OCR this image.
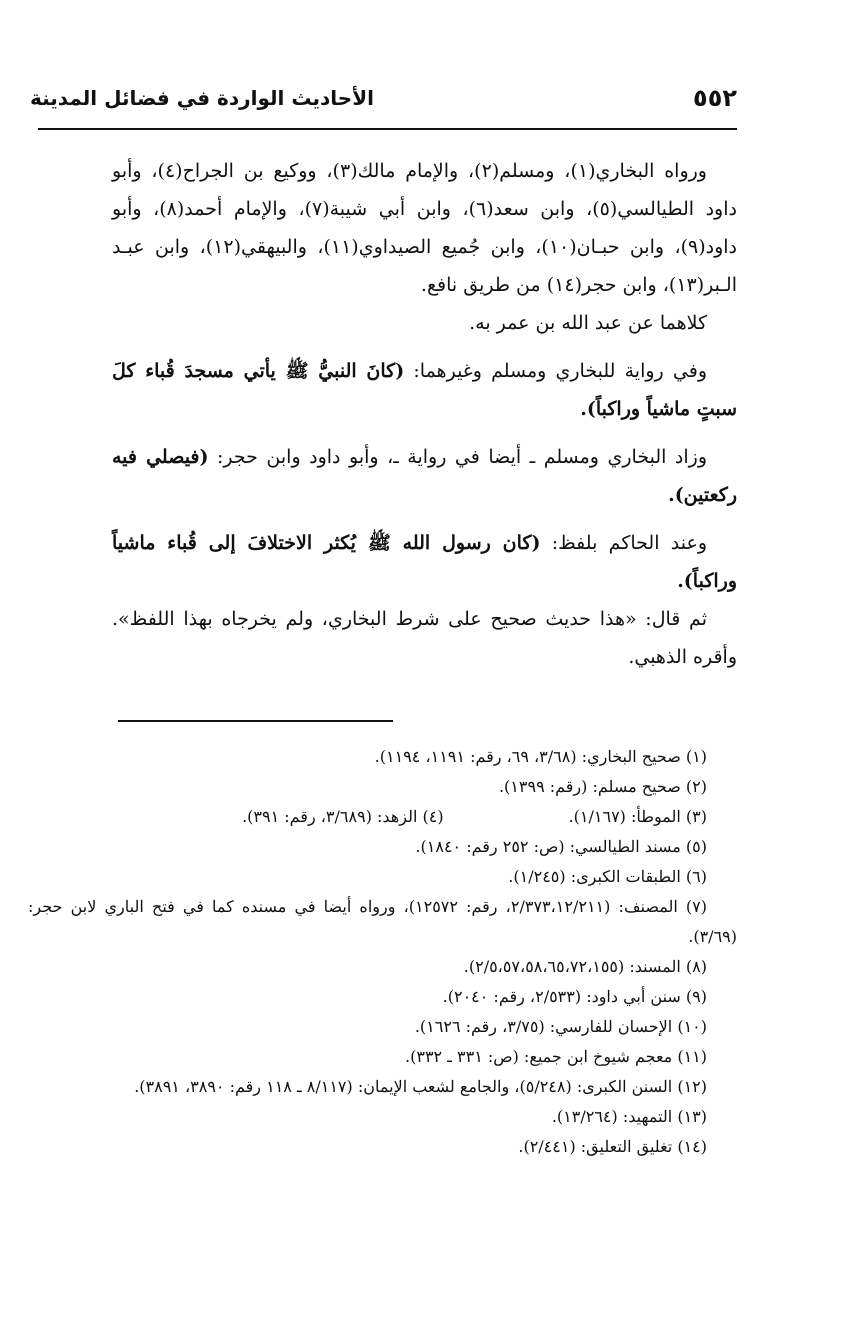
٥٥٢
الأحاديث الواردة في فضائل المدينة

ورواه البخاري(١)، ومسلم(٢)، والإمام مالك(٣)، ووكيع بن الجراح(٤)، وأبو داود الطيالسي(٥)، وابن سعد(٦)، وابن أبي شيبة(٧)، والإمام أحمد(٨)، وأبو داود(٩)، وابن حبـان(١٠)، وابن جُميع الصيداوي(١١)، والبيهقي(١٢)، وابن عبـد الـبر(١٣)، وابن حجر(١٤) من طريق نافع.

كلاهما عن عبد الله بن عمر به.

وفي رواية للبخاري ومسلم وغيرهما: (كانَ النبيُّ ﷺ يأتي مسجدَ قُباء كلَ سبتٍ ماشياً وراكباً).

وزاد البخاري ومسلم ـ أيضا في رواية ـ، وأبو داود وابن حجر: (فيصلي فيه ركعتين).

وعند الحاكم بلفظ: (كان رسول الله ﷺ يُكثر الاختلافَ إلى قُباء ماشياً وراكباً).

ثم قال: «هذا حديث صحيح على شرط البخاري، ولم يخرجاه بهذا اللفظ». وأقره الذهبي.

(١) صحيح البخاري: (٣/٦٨، ٦٩، رقم: ١١٩١، ١١٩٤).

(٢) صحيح مسلم: (رقم: ١٣٩٩).

(٣) الموطأ: (١/١٦٧).
(٤) الزهد: (٣/٦٨٩، رقم: ٣٩١).

(٥) مسند الطيالسي: (ص: ٢٥٢ رقم: ١٨٤٠).

(٦) الطبقات الكبرى: (١/٢٤٥).

(٧) المصنف: (٢/٣٧٣،١٢/٢١١، رقم: ١٢٥٧٢)، ورواه أيضا في مسنده كما في فتح الباري لابن حجر: (٣/٦٩).

(٨) المسند: (٢/٥،٥٧،٥٨،٦٥،٧٢،١٥٥).

(٩) سنن أبي داود: (٢/٥٣٣، رقم: ٢٠٤٠).

(١٠) الإحسان للفارسي: (٣/٧٥، رقم: ١٦٢٦).

(١١) معجم شيوخ ابن جميع: (ص: ٣٣١ ـ ٣٣٢).

(١٢) السنن الكبرى: (٥/٢٤٨)، والجامع لشعب الإيمان: (٨/١١٧ ـ ١١٨ رقم: ٣٨٩٠، ٣٨٩١).

(١٣) التمهيد: (١٣/٢٦٤).

(١٤) تغليق التعليق: (٢/٤٤١).
